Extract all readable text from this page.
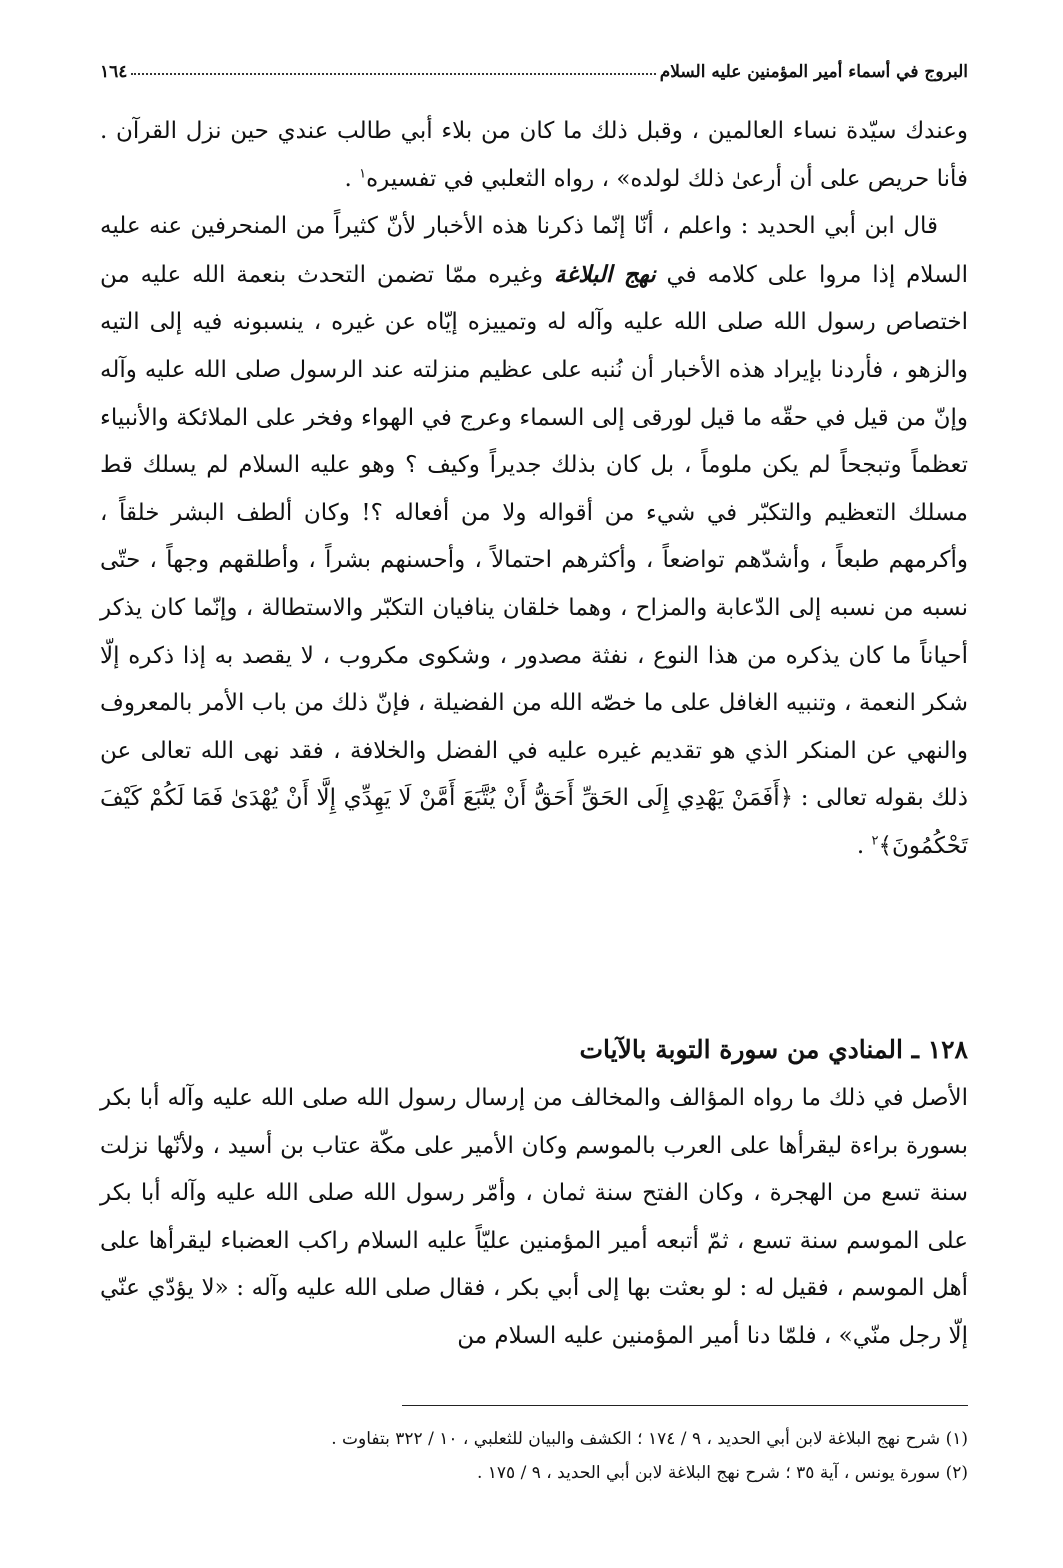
البروج في أسماء أمير المؤمنين عليه السلام
١٦٤

وعندك سيّدة نساء العالمين ، وقبل ذلك ما كان من بلاء أبي طالب عندي حين نزل القرآن . فأنا حريص على أن أرعىٰ ذلك لولده» ، رواه الثعلبي في تفسيره$^١$ .

قال ابن أبي الحديد : واعلم ، أنّا إنّما ذكرنا هذه الأخبار لأنّ كثيراً من المنحرفين عنه عليه السلام إذا مروا على كلامه في نهج البلاغة وغيره ممّا تضمن التحدث بنعمة الله عليه من اختصاص رسول الله صلى الله عليه وآله له وتمييزه إيّاه عن غيره ، ينسبونه فيه إلى التيه والزهو ، فأردنا بإيراد هذه الأخبار أن نُنبه على عظيم منزلته عند الرسول صلى الله عليه وآله وإنّ من قيل في حقّه ما قيل لورقى إلى السماء وعرج في الهواء وفخر على الملائكة والأنبياء تعظماً وتبجحاً لم يكن ملوماً ، بل كان بذلك جديراً وكيف ؟ وهو عليه السلام لم يسلك قط مسلك التعظيم والتكبّر في شيء من أقواله ولا من أفعاله ؟! وكان ألطف البشر خلقاً ، وأكرمهم طبعاً ، وأشدّهم تواضعاً ، وأكثرهم احتمالاً ، وأحسنهم بشراً ، وأطلقهم وجهاً ، حتّى نسبه من نسبه إلى الدّعابة والمزاح ، وهما خلقان ينافيان التكبّر والاستطالة ، وإنّما كان يذكر أحياناً ما كان يذكره من هذا النوع ، نفثة مصدور ، وشكوى مكروب ، لا يقصد به إذا ذكره إلّا شكر النعمة ، وتنبيه الغافل على ما خصّه الله من الفضيلة ، فإنّ ذلك من باب الأمر بالمعروف والنهي عن المنكر الذي هو تقديم غيره عليه في الفضل والخلافة ، فقد نهى الله تعالى عن ذلك بقوله تعالى : ﴿أَفَمَنْ يَهْدِي إِلَى الحَقِّ أَحَقُّ أَنْ يُتَّبَعَ أَمَّنْ لَا يَهِدِّي إِلَّا أَنْ يُهْدَىٰ فَمَا لَكُمْ كَيْفَ تَحْكُمُونَ﴾$^٢$ .

١٢٨ ـ المنادي من سورة التوبة بالآيات

الأصل في ذلك ما رواه المؤالف والمخالف من إرسال رسول الله صلى الله عليه وآله أبا بكر بسورة براءة ليقرأها على العرب بالموسم وكان الأمير على مكّة عتاب بن أسيد ، ولأنّها نزلت سنة تسع من الهجرة ، وكان الفتح سنة ثمان ، وأمّر رسول الله صلى الله عليه وآله أبا بكر على الموسم سنة تسع ، ثمّ أتبعه أمير المؤمنين عليّاً عليه السلام راكب العضباء ليقرأها على أهل الموسم ، فقيل له : لو بعثت بها إلى أبي بكر ، فقال صلى الله عليه وآله : «لا يؤدّي عنّي إلّا رجل منّي» ، فلمّا دنا أمير المؤمنين عليه السلام من

(١) شرح نهج البلاغة لابن أبي الحديد ، ٩ / ١٧٤ ؛ الكشف والبيان للثعلبي ، ١٠ / ٣٢٢ بتفاوت .

(٢) سورة يونس ، آية ٣٥ ؛ شرح نهج البلاغة لابن أبي الحديد ، ٩ / ١٧٥ .
